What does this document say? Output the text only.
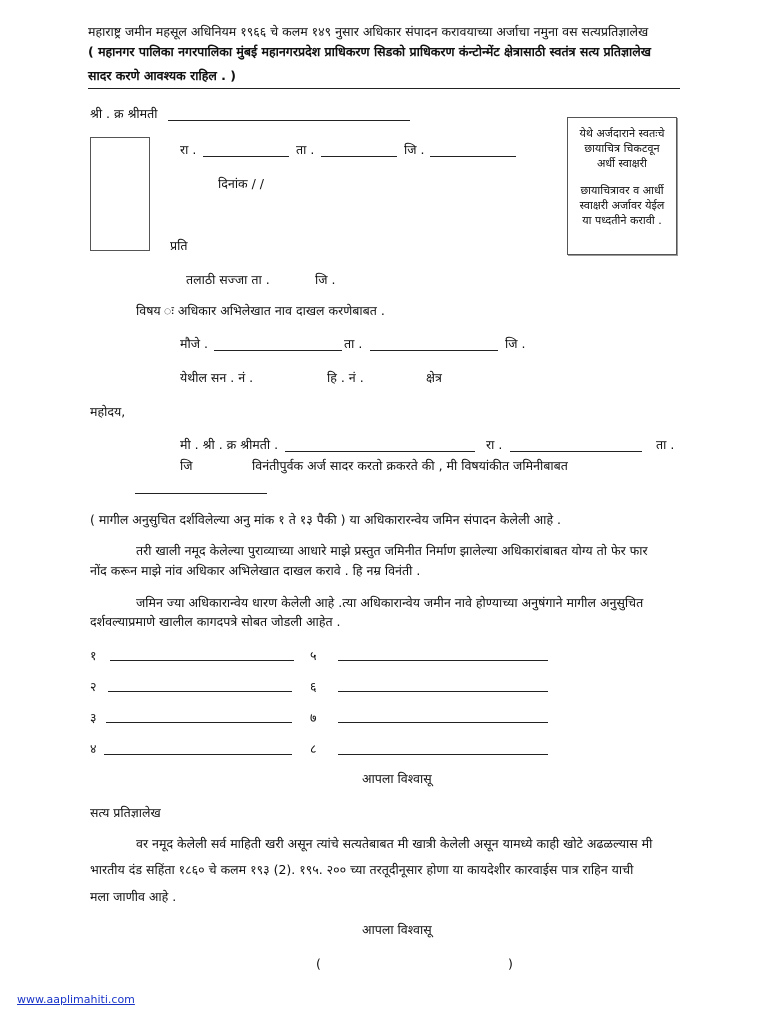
महाराष्ट्र जमीन महसूल अधिनियम १९६६ चे कलम १४९ नुसार अधिकार संपादन करावयाच्या अर्जाचा नमुना वस सत्यप्रतिज्ञालेख
( महानगर पालिका नगरपालिका मुंबई महानगरप्रदेश प्राधिकरण सिडको प्राधिकरण कंन्टोन्मेंट क्षेत्रासाठी स्वतंत्र सत्य प्रतिज्ञालेख
सादर करणे आवश्यक राहिल . )
श्री . क्र श्रीमती
रा .	ता .	जि .
दिनांक / /
प्रति
येथे अर्जदाराने स्वतःचे
छायाचित्र चिकटवून
अर्धी स्वाक्षरी
छायाचित्रावर व आर्धी
स्वाक्षरी अर्जावर येईल
या पध्दतीने करावी .
तलाठी सज्जा ता .	जि .
विषय ः अधिकार अभिलेखात नाव दाखल करणेबाबत .
मौजे .	ता .	जि .
येथील सन . नं .	हि . नं .	क्षेत्र
महोदय,
मी . श्री . क्र श्रीमती .	रा .	ता .
जि	विनंतीपुर्वक अर्ज सादर करतो क्रकरते की , मी विषयांकीत जमिनीबाबत
( मागील अनुसुचित दर्शविलेल्या अनु मांक १ ते १३ पैकी ) या अधिकारारन्वेय जमिन संपादन केलेली आहे .
तरी खाली नमूद केलेल्या पुराव्याच्या आधारे माझे प्रस्तुत जमिनीत निर्माण झालेल्या अधिकारांबाबत योग्य तो फेर फार
नोंद करून माझे नांव अधिकार अभिलेखात दाखल करावे . हि नम्र विनंती .
जमिन ज्या अधिकारान्वेय धारण केलेली आहे .त्या अधिकारान्वेय जमीन नावे होण्याच्या अनुषंगाने मागील अनुसुचित
दर्शवल्याप्रमाणे खालील कागदपत्रे सोबत जोडली आहेत .
१	५
२	६
३	७
४	८
आपला विश्वासू
सत्य प्रतिज्ञालेख
वर नमूद केलेली सर्व माहिती खरी असून त्यांचे सत्यतेबाबत मी खात्री केलेली असून यामध्ये काही खोटे अढळल्यास मी
भारतीय दंड सहिंता १८६० चे कलम १९३ (2). १९५. २०० च्या तरतूदीनूसार होणा या कायदेशीर कारवाईस पात्र राहिन याची
मला जाणीव आहे .
आपला विश्वासू
(	)
www.aaplimahiti.com
